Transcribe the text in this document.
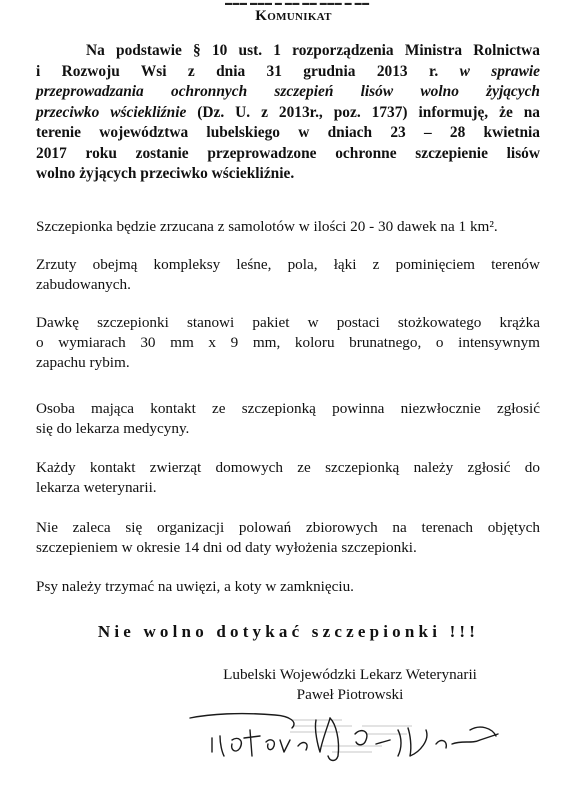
▬▬▬ ▬▬▬ ▬ ▬▬ ▬▬ ▬▬▬ ▬ ▬▬
Komunikat
Na podstawie § 10 ust. 1 rozporządzenia Ministra Rolnictwa
i Rozwoju Wsi z dnia 31 grudnia 2013 r. w sprawie
przeprowadzania ochronnych szczepień lisów wolno żyjących
przeciwko wściekliźnie (Dz. U. z 2013r., poz. 1737) informuję, że na
terenie województwa lubelskiego w dniach 23 – 28 kwietnia
2017 roku zostanie przeprowadzone ochronne szczepienie lisów
wolno żyjących przeciwko wściekliźnie.
Szczepionka będzie zrzucana z samolotów w ilości 20 - 30 dawek na 1 km².
Zrzuty obejmą kompleksy leśne, pola, łąki z pominięciem terenów
zabudowanych.
Dawkę szczepionki stanowi pakiet w postaci stożkowatego krążka
o wymiarach 30 mm x 9 mm, koloru brunatnego, o intensywnym
zapachu rybim.
Osoba mająca kontakt ze szczepionką powinna niezwłocznie zgłosić
się do lekarza medycyny.
Każdy kontakt zwierząt domowych ze szczepionką należy zgłosić do
lekarza weterynarii.
Nie zaleca się organizacji polowań zbiorowych na terenach objętych
szczepieniem w okresie 14 dni od daty wyłożenia szczepionki.
Psy należy trzymać na uwięzi, a koty w zamknięciu.
Nie wolno dotykać szczepionki !!!
Lubelski Wojewódzki Lekarz Weterynarii
Paweł Piotrowski
